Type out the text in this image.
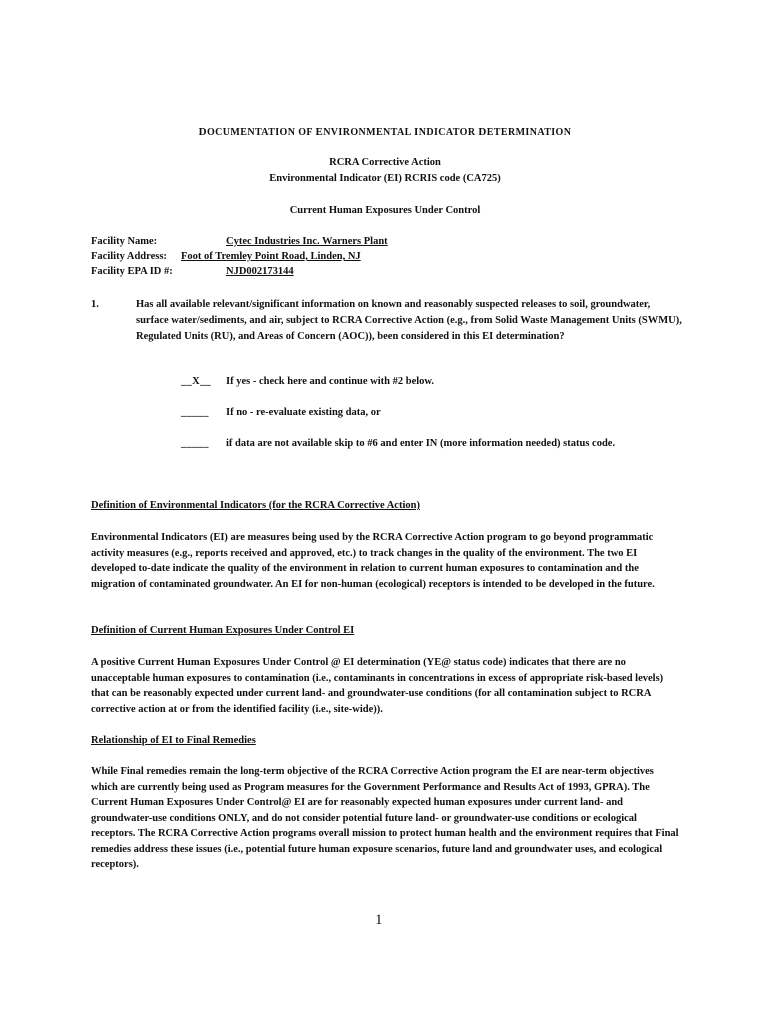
DOCUMENTATION OF ENVIRONMENTAL INDICATOR DETERMINATION
RCRA Corrective Action
Environmental Indicator (EI) RCRIS code (CA725)
Current Human Exposures Under Control
Facility Name:	Cytec Industries Inc. Warners Plant
Facility Address: Foot of Tremley Point Road, Linden, NJ
Facility EPA ID #:	NJD002173144
1.	Has all available relevant/significant information on known and reasonably suspected releases to soil, groundwater, surface water/sediments, and air, subject to RCRA Corrective Action (e.g., from Solid Waste Management Units (SWMU), Regulated Units (RU), and Areas of Concern (AOC)), been considered in this EI determination?
__X__ If yes - check here and continue with #2 below.
_____ If no - re-evaluate existing data, or
_____	if data are not available skip to #6 and enter IN (more information needed) status code.
Definition of Environmental Indicators (for the RCRA Corrective Action)
Environmental Indicators (EI) are measures being used by the RCRA Corrective Action program to go beyond programmatic activity measures (e.g., reports received and approved, etc.) to track changes in the quality of the environment. The two EI developed to-date indicate the quality of the environment in relation to current human exposures to contamination and the migration of contaminated groundwater. An EI for non-human (ecological) receptors is intended to be developed in the future.
Definition of Current Human Exposures Under Control EI
A positive Current Human Exposures Under Control @ EI determination (YE@ status code) indicates that there are no unacceptable human exposures to contamination (i.e., contaminants in concentrations in excess of appropriate risk-based levels) that can be reasonably expected under current land- and groundwater-use conditions (for all contamination subject to RCRA corrective action at or from the identified facility (i.e., site-wide)).
Relationship of EI to Final Remedies
While Final remedies remain the long-term objective of the RCRA Corrective Action program the EI are near-term objectives which are currently being used as Program measures for the Government Performance and Results Act of 1993, GPRA). The Current Human Exposures Under Control@ EI are for reasonably expected human exposures under current land- and groundwater-use conditions ONLY, and do not consider potential future land- or groundwater-use conditions or ecological receptors. The RCRA Corrective Action programs overall mission to protect human health and the environment requires that Final remedies address these issues (i.e., potential future human exposure scenarios, future land and groundwater uses, and ecological receptors).
1
